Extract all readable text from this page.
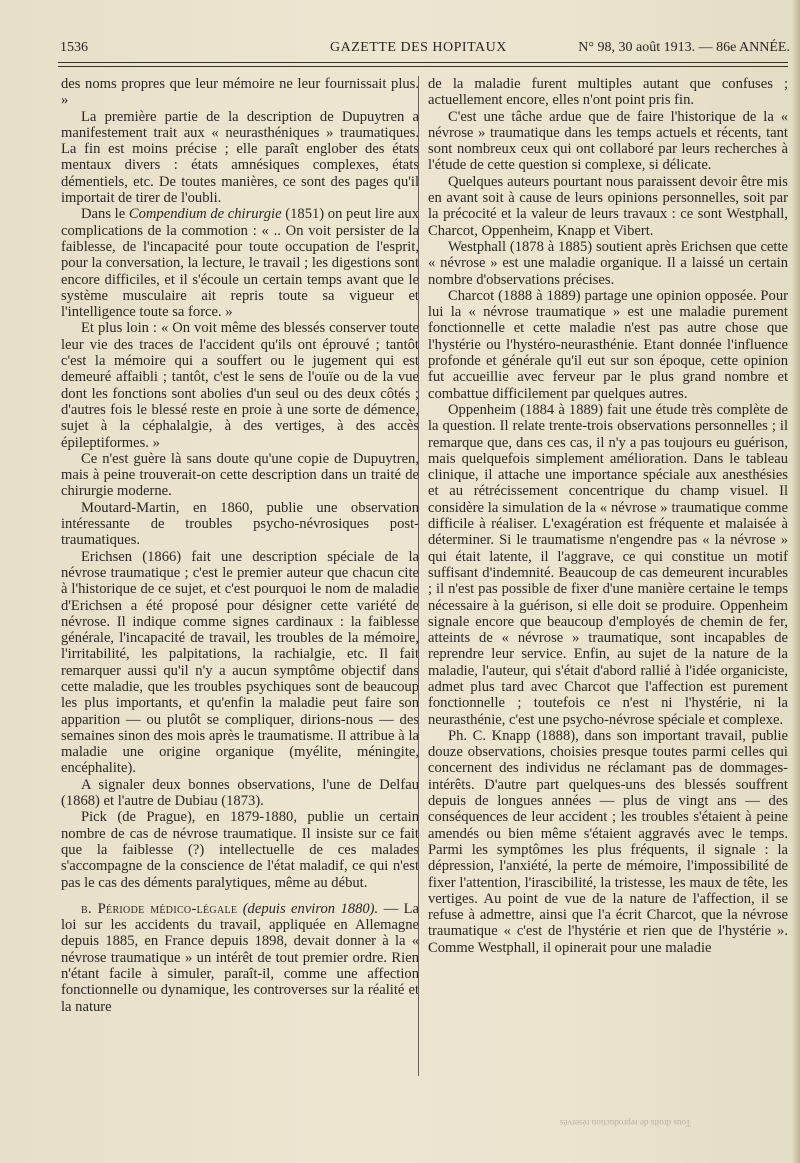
1536	GAZETTE DES HOPITAUX	N° 98, 30 août 1913. — 86e ANNÉE.

des noms propres que leur mémoire ne leur fournissait plus. »

La première partie de la description de Dupuytren a manifestement trait aux « neurasthéniques » traumatiques. La fin est moins précise ; elle paraît englober des états mentaux divers : états amnésiques complexes, états démentiels, etc. De toutes manières, ce sont des pages qu'il importait de tirer de l'oubli.

Dans le Compendium de chirurgie (1851) on peut lire aux complications de la commotion : « .. On voit persister de la faiblesse, de l'incapacité pour toute occupation de l'esprit, pour la conversation, la lecture, le travail ; les digestions sont encore difficiles, et il s'écoule un certain temps avant que le système musculaire ait repris toute sa vigueur et l'intelligence toute sa force. »

Et plus loin : « On voit même des blessés conserver toute leur vie des traces de l'accident qu'ils ont éprouvé ; tantôt c'est la mémoire qui a souffert ou le jugement qui est demeuré affaibli ; tantôt, c'est le sens de l'ouïe ou de la vue dont les fonctions sont abolies d'un seul ou des deux côtés ; d'autres fois le blessé reste en proie à une sorte de démence, sujet à la céphalalgie, à des vertiges, à des accès épileptiformes. »

Ce n'est guère là sans doute qu'une copie de Dupuytren, mais à peine trouverait-on cette description dans un traité de chirurgie moderne.

Moutard-Martin, en 1860, publie une observation intéressante de troubles psycho-névrosiques post-traumatiques.

Erichsen (1866) fait une description spéciale de la névrose traumatique ; c'est le premier auteur que chacun cite à l'historique de ce sujet, et c'est pourquoi le nom de maladie d'Erichsen a été proposé pour désigner cette variété de névrose. Il indique comme signes cardinaux : la faiblesse générale, l'incapacité de travail, les troubles de la mémoire, l'irritabilité, les palpitations, la rachialgie, etc. Il fait remarquer aussi qu'il n'y a aucun symptôme objectif dans cette maladie, que les troubles psychiques sont de beaucoup les plus importants, et qu'enfin la maladie peut faire son apparition — ou plutôt se compliquer, dirions-nous — des semaines sinon des mois après le traumatisme. Il attribue à la maladie une origine organique (myélite, méningite, encéphalite).

A signaler deux bonnes observations, l'une de Delfau (1868) et l'autre de Dubiau (1873).

Pick (de Prague), en 1879-1880, publie un certain nombre de cas de névrose traumatique. Il insiste sur ce fait que la faiblesse (?) intellectuelle de ces malades s'accompagne de la conscience de l'état maladif, ce qui n'est pas le cas des déments paralytiques, même au début.

b. Période médico-légale (depuis environ 1880). — La loi sur les accidents du travail, appliquée en Allemagne depuis 1885, en France depuis 1898, devait donner à la « névrose traumatique » un intérêt de tout premier ordre. Rien n'étant facile à simuler, paraît-il, comme une affection fonctionnelle ou dynamique, les controverses sur la réalité et la nature

de la maladie furent multiples autant que confuses ; actuellement encore, elles n'ont point pris fin.

C'est une tâche ardue que de faire l'historique de la « névrose » traumatique dans les temps actuels et récents, tant sont nombreux ceux qui ont collaboré par leurs recherches à l'étude de cette question si complexe, si délicate.

Quelques auteurs pourtant nous paraissent devoir être mis en avant soit à cause de leurs opinions personnelles, soit par la précocité et la valeur de leurs travaux : ce sont Westphall, Charcot, Oppenheim, Knapp et Vibert.

Westphall (1878 à 1885) soutient après Erichsen que cette « névrose » est une maladie organique. Il a laissé un certain nombre d'observations précises.

Charcot (1888 à 1889) partage une opinion opposée. Pour lui la « névrose traumatique » est une maladie purement fonctionnelle et cette maladie n'est pas autre chose que l'hystérie ou l'hystéro-neurasthénie. Etant donnée l'influence profonde et générale qu'il eut sur son époque, cette opinion fut accueillie avec ferveur par le plus grand nombre et combattue difficilement par quelques autres.

Oppenheim (1884 à 1889) fait une étude très complète de la question. Il relate trente-trois observations personnelles ; il remarque que, dans ces cas, il n'y a pas toujours eu guérison, mais quelquefois simplement amélioration. Dans le tableau clinique, il attache une importance spéciale aux anesthésies et au rétrécissement concentrique du champ visuel. Il considère la simulation de la « névrose » traumatique comme difficile à réaliser. L'exagération est fréquente et malaisée à déterminer. Si le traumatisme n'engendre pas « la névrose » qui était latente, il l'aggrave, ce qui constitue un motif suffisant d'indemnité. Beaucoup de cas demeurent incurables ; il n'est pas possible de fixer d'une manière certaine le temps nécessaire à la guérison, si elle doit se produire. Oppenheim signale encore que beaucoup d'employés de chemin de fer, atteints de « névrose » traumatique, sont incapables de reprendre leur service. Enfin, au sujet de la nature de la maladie, l'auteur, qui s'était d'abord rallié à l'idée organiciste, admet plus tard avec Charcot que l'affection est purement fonctionnelle ; toutefois ce n'est ni l'hystérie, ni la neurasthénie, c'est une psycho-névrose spéciale et complexe.

Ph. C. Knapp (1888), dans son important travail, publie douze observations, choisies presque toutes parmi celles qui concernent des individus ne réclamant pas de dommages-intérêts. D'autre part quelques-uns des blessés souffrent depuis de longues années — plus de vingt ans — des conséquences de leur accident ; les troubles s'étaient à peine amendés ou bien même s'étaient aggravés avec le temps. Parmi les symptômes les plus fréquents, il signale : la dépression, l'anxiété, la perte de mémoire, l'impossibilité de fixer l'attention, l'irascibilité, la tristesse, les maux de tête, les vertiges. Au point de vue de la nature de l'affection, il se refuse à admettre, ainsi que l'a écrit Charcot, que la névrose traumatique « c'est de l'hystérie et rien que de l'hystérie ». Comme Westphall, il opinerait pour une maladie

Tous droits de reproduction réservés
